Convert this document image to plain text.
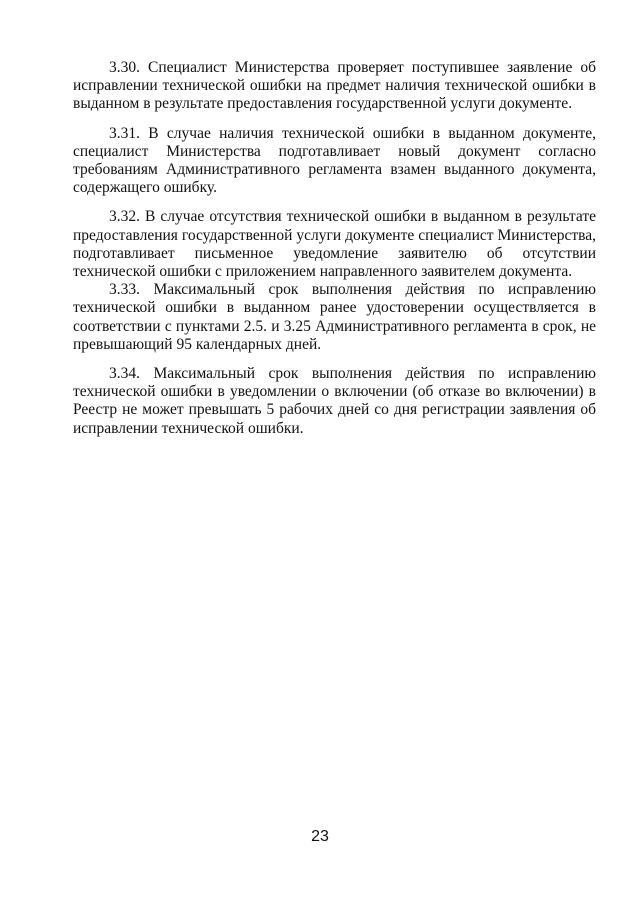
3.30. Специалист Министерства проверяет поступившее заявление об исправлении технической ошибки на предмет наличия технической ошибки в выданном в результате предоставления государственной услуги документе.

3.31. В случае наличия технической ошибки в выданном документе, специалист Министерства подготавливает новый документ согласно требованиям Административного регламента взамен выданного документа, содержащего ошибку.

3.32. В случае отсутствия технической ошибки в выданном в результате предоставления государственной услуги документе специалист Министерства, подготавливает письменное уведомление заявителю об отсутствии технической ошибки с приложением направленного заявителем документа.

3.33. Максимальный срок выполнения действия по исправлению технической ошибки в выданном ранее удостоверении осуществляется в соответствии с пунктами 2.5. и 3.25 Административного регламента в срок, не превышающий 95 календарных дней.

3.34. Максимальный срок выполнения действия по исправлению технической ошибки в уведомлении о включении (об отказе во включении) в Реестр не может превышать 5 рабочих дней со дня регистрации заявления об исправлении технической ошибки.

23
